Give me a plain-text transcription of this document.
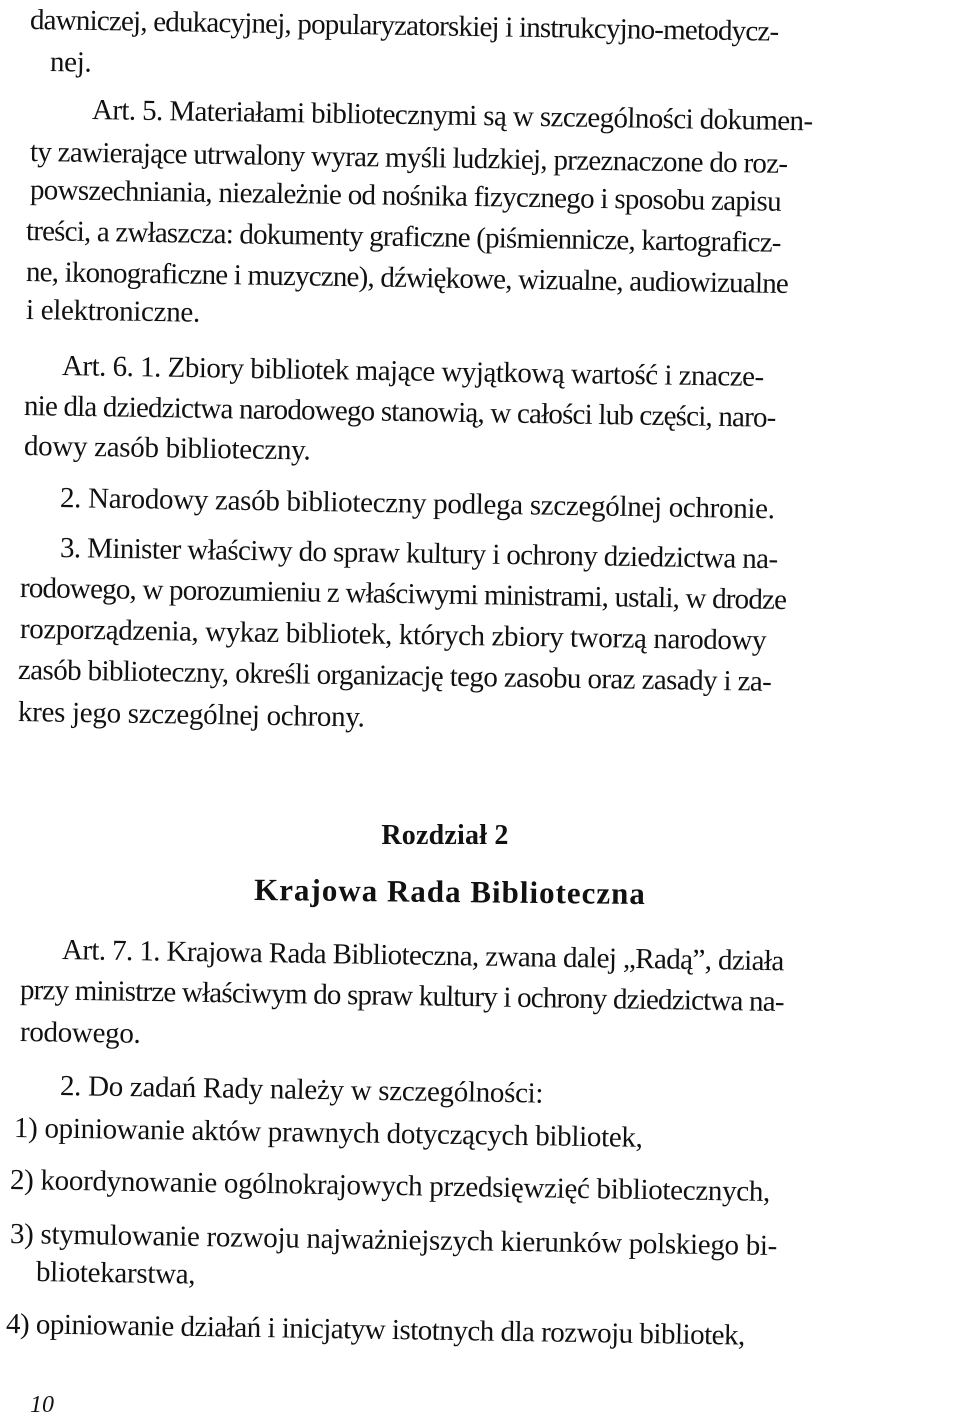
dawniczej, edukacyjnej, popularyzatorskiej i instrukcyjno-metodycz-
nej.
Art. 5. Materiałami bibliotecznymi są w szczególności dokumen-
ty zawierające utrwalony wyraz myśli ludzkiej, przeznaczone do roz-
powszechniania, niezależnie od nośnika fizycznego i sposobu zapisu
treści, a zwłaszcza: dokumenty graficzne (piśmiennicze, kartograficz-
ne, ikonograficzne i muzyczne), dźwiękowe, wizualne, audiowizualne
i elektroniczne.
Art. 6. 1. Zbiory bibliotek mające wyjątkową wartość i znacze-
nie dla dziedzictwa narodowego stanowią, w całości lub części, naro-
dowy zasób biblioteczny.
2. Narodowy zasób biblioteczny podlega szczególnej ochronie.
3. Minister właściwy do spraw kultury i ochrony dziedzictwa na-
rodowego, w porozumieniu z właściwymi ministrami, ustali, w drodze
rozporządzenia, wykaz bibliotek, których zbiory tworzą narodowy
zasób biblioteczny, określi organizację tego zasobu oraz zasady i za-
kres jego szczególnej ochrony.
Rozdział 2
Krajowa Rada Biblioteczna
Art. 7. 1. Krajowa Rada Biblioteczna, zwana dalej „Radą”, działa
przy ministrze właściwym do spraw kultury i ochrony dziedzictwa na-
rodowego.
2. Do zadań Rady należy w szczególności:
1) opiniowanie aktów prawnych dotyczących bibliotek,
2) koordynowanie ogólnokrajowych przedsięwzięć bibliotecznych,
3) stymulowanie rozwoju najważniejszych kierunków polskiego bi-
bliotekarstwa,
4) opiniowanie działań i inicjatyw istotnych dla rozwoju bibliotek,
10
